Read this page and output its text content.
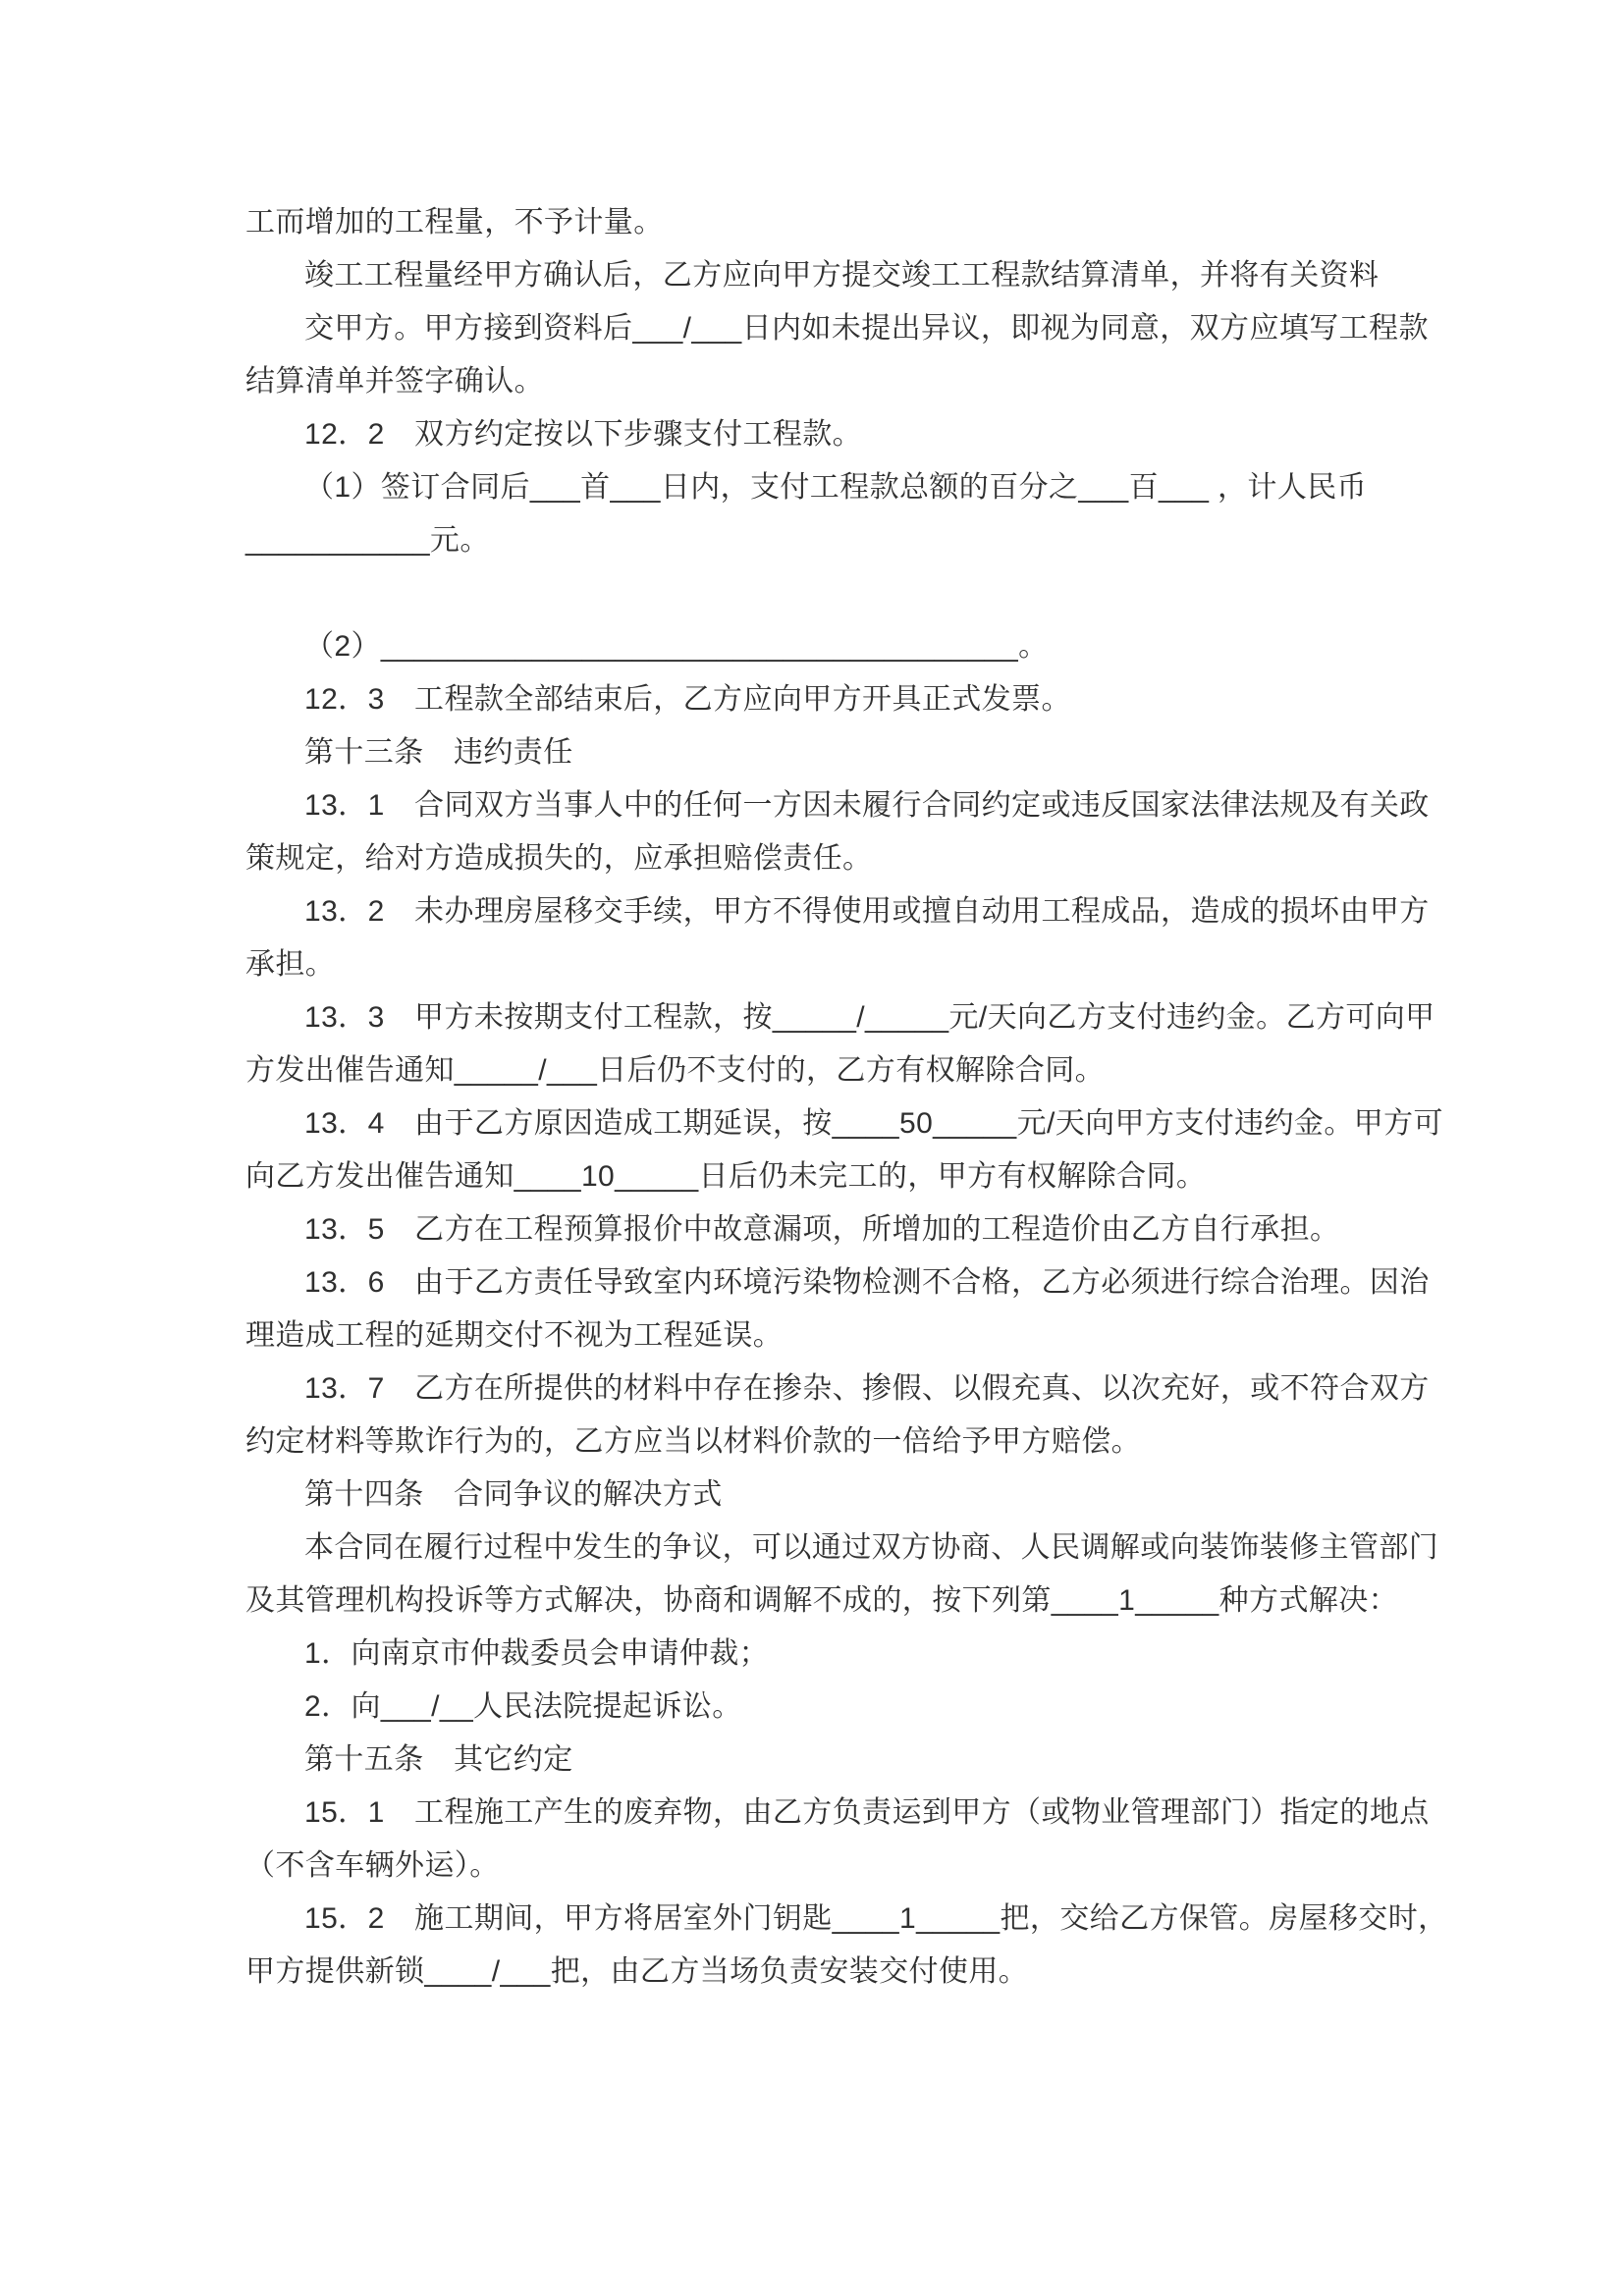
工而增加的工程量，不予计量。
竣工工程量经甲方确认后，乙方应向甲方提交竣工工程款结算清单，并将有关资料
交甲方。甲方接到资料后___/___日内如未提出异议，即视为同意，双方应填写工程款
结算清单并签字确认。
12．2　双方约定按以下步骤支付工程款。
（1）签订合同后___首___日内，支付工程款总额的百分之___百___ ，计人民币
___________元。
（2）______________________________________。
12．3　工程款全部结束后，乙方应向甲方开具正式发票。
第十三条　违约责任
13．1　合同双方当事人中的任何一方因未履行合同约定或违反国家法律法规及有关政
策规定，给对方造成损失的，应承担赔偿责任。
13．2　未办理房屋移交手续，甲方不得使用或擅自动用工程成品，造成的损坏由甲方
承担。
13．3　甲方未按期支付工程款，按_____/_____元/天向乙方支付违约金。乙方可向甲
方发出催告通知_____/___日后仍不支付的，乙方有权解除合同。
13．4　由于乙方原因造成工期延误，按____50_____元/天向甲方支付违约金。甲方可
向乙方发出催告通知____10_____日后仍未完工的，甲方有权解除合同。
13．5　乙方在工程预算报价中故意漏项，所增加的工程造价由乙方自行承担。
13．6　由于乙方责任导致室内环境污染物检测不合格，乙方必须进行综合治理。因治
理造成工程的延期交付不视为工程延误。
13．7　乙方在所提供的材料中存在掺杂、掺假、以假充真、以次充好，或不符合双方
约定材料等欺诈行为的，乙方应当以材料价款的一倍给予甲方赔偿。
第十四条　合同争议的解决方式
本合同在履行过程中发生的争议，可以通过双方协商、人民调解或向装饰装修主管部门
及其管理机构投诉等方式解决，协商和调解不成的，按下列第____1_____种方式解决：
1．向南京市仲裁委员会申请仲裁；
2．向___/__人民法院提起诉讼。
第十五条　其它约定
15．1　工程施工产生的废弃物，由乙方负责运到甲方（或物业管理部门）指定的地点
（不含车辆外运）。
15．2　施工期间，甲方将居室外门钥匙____1_____把，交给乙方保管。房屋移交时，
甲方提供新锁____/___把，由乙方当场负责安装交付使用。
